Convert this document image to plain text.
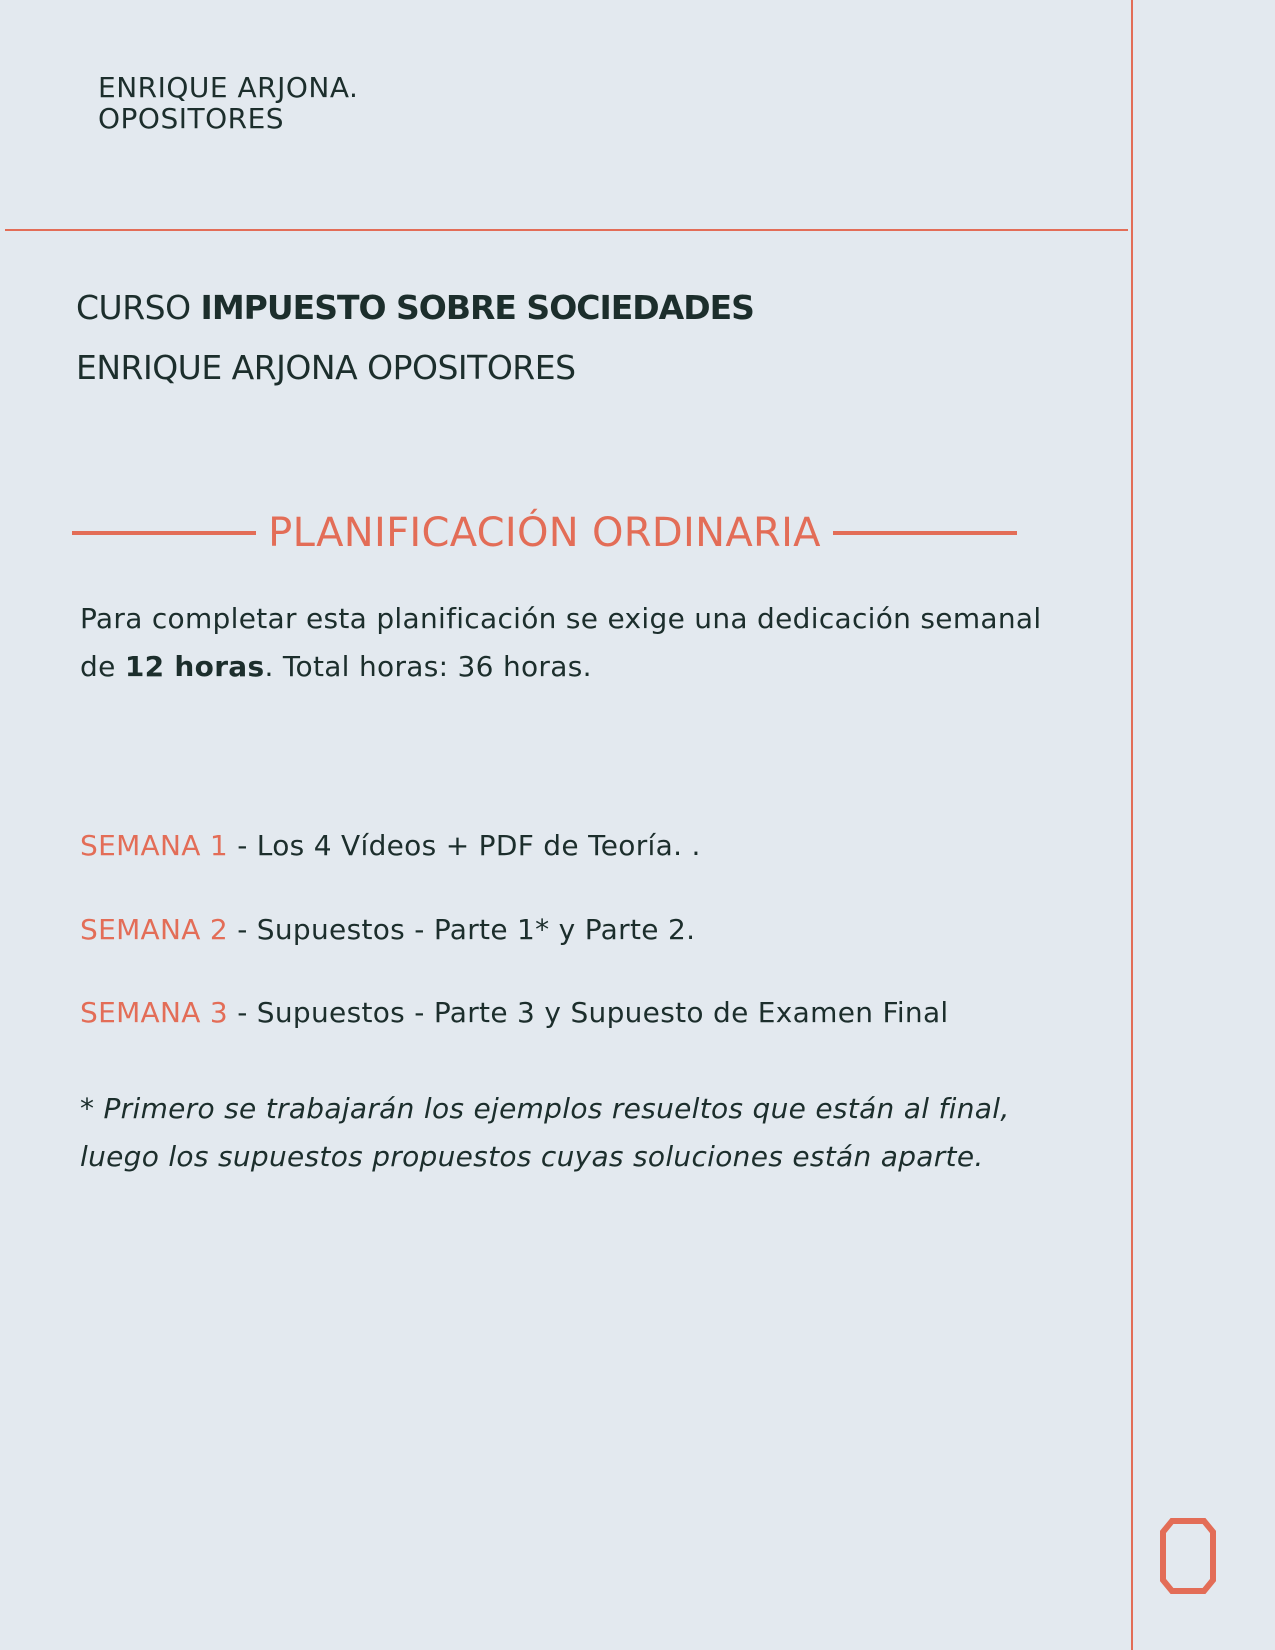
ENRIQUE ARJONA.
OPOSITORES
CURSO IMPUESTO SOBRE SOCIEDADES
ENRIQUE ARJONA OPOSITORES
PLANIFICACIÓN ORDINARIA
Para completar esta planificación se exige una dedicación semanal
de 12 horas. Total horas: 36 horas.
SEMANA 1 - Los 4 Vídeos + PDF de Teoría. .
SEMANA 2 - Supuestos - Parte 1* y Parte 2.
SEMANA 3 - Supuestos - Parte 3 y Supuesto de Examen Final
* Primero se trabajarán los ejemplos resueltos que están al final,
luego los supuestos propuestos cuyas soluciones están aparte.
